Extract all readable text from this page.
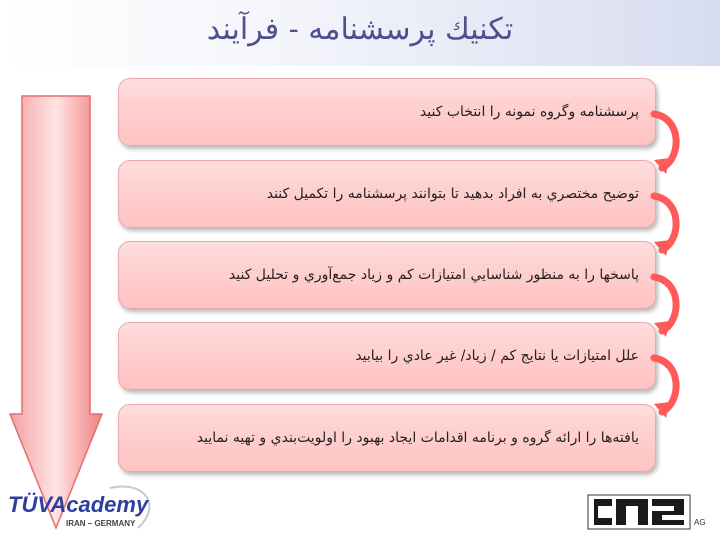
تكنيك پرسشنامه - فرآيند
پرسشنامه وگروه نمونه را انتخاب كنيد
توضيح مختصري به افراد بدهيد تا بتوانند پرسشنامه را تكميل كنند
پاسخها را به منظور شناسايي امتيازات كم و زياد جمع‌آوري و تحليل كنيد
علل امتيازات يا نتايج كم / زياد/ غير عادي را بيابيد
يافته‌ها را ارائه گروه و برنامه اقدامات ايجاد بهبود را اولويت‌بندي و تهيه نماييد
TÜVAcademy
IRAN – GERMANY	AG
